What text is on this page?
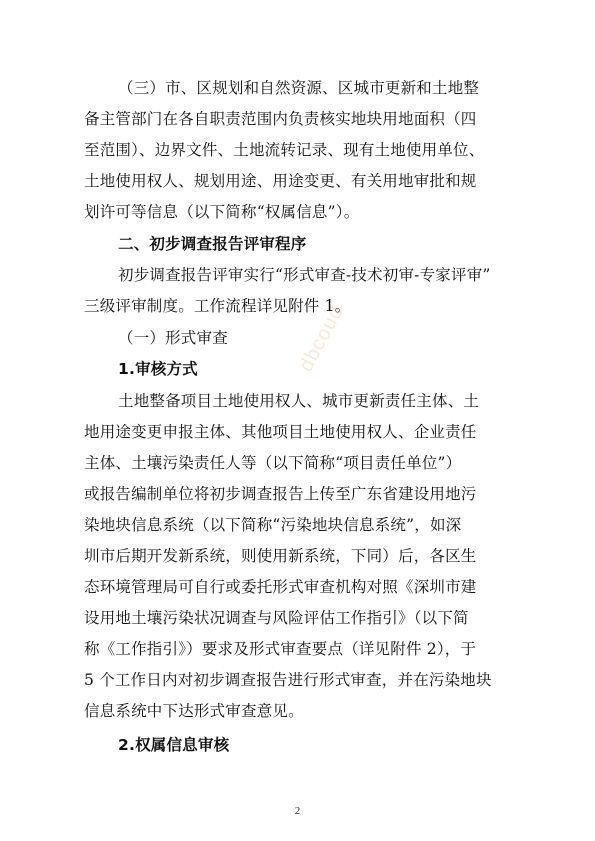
dbcoud
（三）市、区规划和自然资源、区城市更新和土地整
备主管部门在各自职责范围内负责核实地块用地面积（四
至范围）、边界文件、土地流转记录、现有土地使用单位、
土地使用权人、规划用途、用途变更、有关用地审批和规
划许可等信息（以下简称“权属信息”）。
二、初步调查报告评审程序
初步调查报告评审实行“形式审查-技术初审-专家评审”
三级评审制度。工作流程详见附件 1。
（一）形式审查
1.审核方式
土地整备项目土地使用权人、城市更新责任主体、土
地用途变更申报主体、其他项目土地使用权人、企业责任
主体、土壤污染责任人等（以下简称“项目责任单位”）
或报告编制单位将初步调查报告上传至广东省建设用地污
染地块信息系统（以下简称“污染地块信息系统”，如深
圳市后期开发新系统，则使用新系统，下同）后，各区生
态环境管理局可自行或委托形式审查机构对照《深圳市建
设用地土壤污染状况调查与风险评估工作指引》（以下简
称《工作指引》）要求及形式审查要点（详见附件 2），于
5 个工作日内对初步调查报告进行形式审查，并在污染地块
信息系统中下达形式审查意见。
2.权属信息审核
2
